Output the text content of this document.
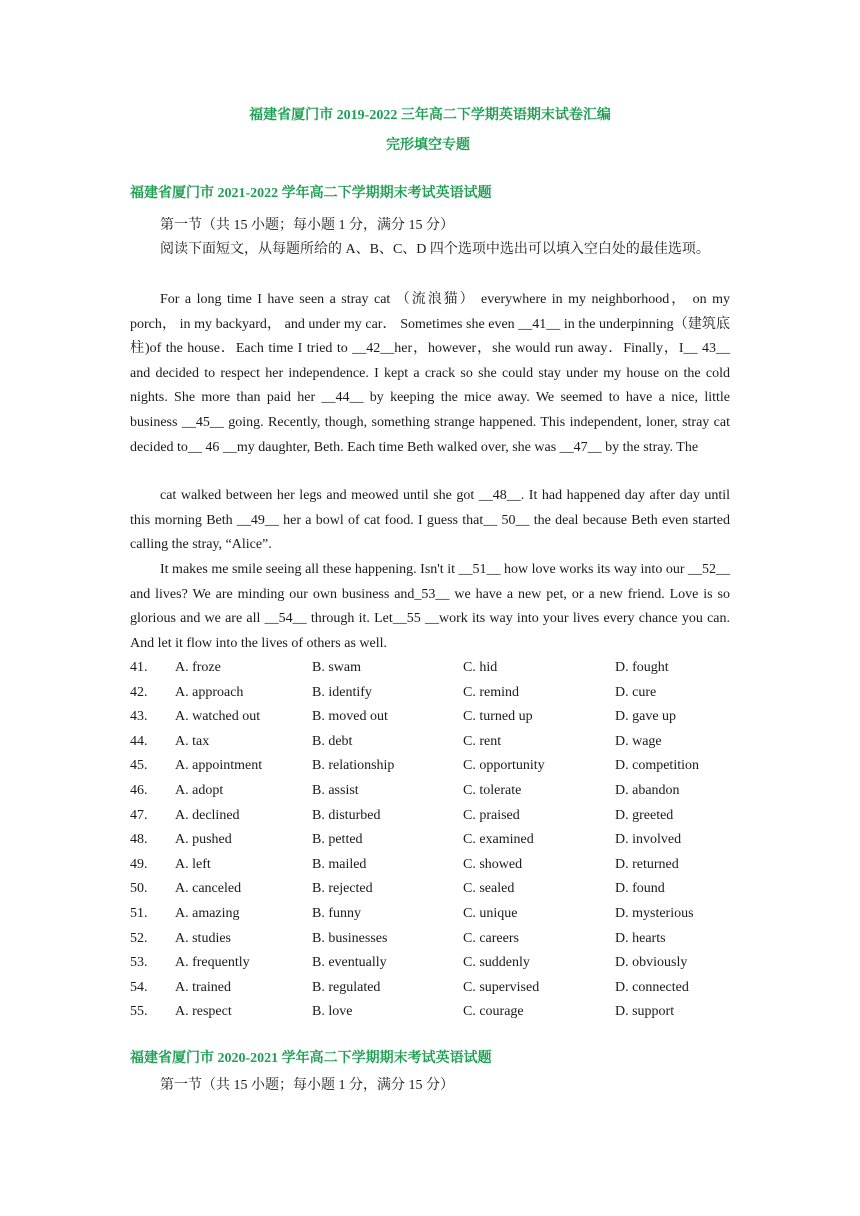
福建省厦门市 2019-2022 三年高二下学期英语期末试卷汇编
完形填空专题
福建省厦门市 2021-2022 学年高二下学期期末考试英语试题
第一节（共 15 小题；每小题 1 分，满分 15 分）
阅读下面短文，从每题所给的 A、B、C、D 四个选项中选出可以填入空白处的最佳选项。
For a long time I have seen a stray cat （流浪猫） everywhere in my neighborhood， on my porch， in my backyard， and under my car． Sometimes she even __41__ in the underpinning（建筑底柱)of the house．Each time I tried to __42__her，however，she would run away．Finally，I__ 43__ and decided to respect her independence. I kept a crack so she could stay under my house on the cold nights. She more than paid her __44__ by keeping the mice away. We seemed to have a nice, little business __45__ going. Recently, though, something strange happened. This independent, loner, stray cat decided to__ 46 __my daughter, Beth. Each time Beth walked over, she was __47__ by the stray. The
cat walked between her legs and meowed until she got __48__. It had happened day after day until this morning Beth __49__ her a bowl of cat food. I guess that__ 50__ the deal because Beth even started calling the stray, “Alice”.
It makes me smile seeing all these happening. Isn't it __51__ how love works its way into our __52__ and lives? We are minding our own business and_53__ we have a new pet, or a new friend. Love is so glorious and we are all __54__ through it. Let__55 __work its way into your lives every chance you can. And let it flow into the lives of others as well.
41. A. froze	B. swam	C. hid	D. fought
42. A. approach	B. identify	C. remind	D. cure
43. A. watched out	B. moved out	C. turned up	D. gave up
44. A. tax	B. debt	C. rent	D. wage
45. A. appointment	B. relationship	C. opportunity	D. competition
46. A. adopt	B. assist	C. tolerate	D. abandon
47. A. declined	B. disturbed	C. praised	D. greeted
48. A. pushed	B. petted	C. examined	D. involved
49. A. left	B. mailed	C. showed	D. returned
50. A. canceled	B. rejected	C. sealed	D. found
51. A. amazing	B. funny	C. unique	D. mysterious
52. A. studies	B. businesses	C. careers	D. hearts
53. A. frequently	B. eventually	C. suddenly	D. obviously
54. A. trained	B. regulated	C. supervised	D. connected
55. A. respect	B. love	C. courage	D. support
福建省厦门市 2020-2021 学年高二下学期期末考试英语试题
第一节（共 15 小题；每小题 1 分，满分 15 分）
